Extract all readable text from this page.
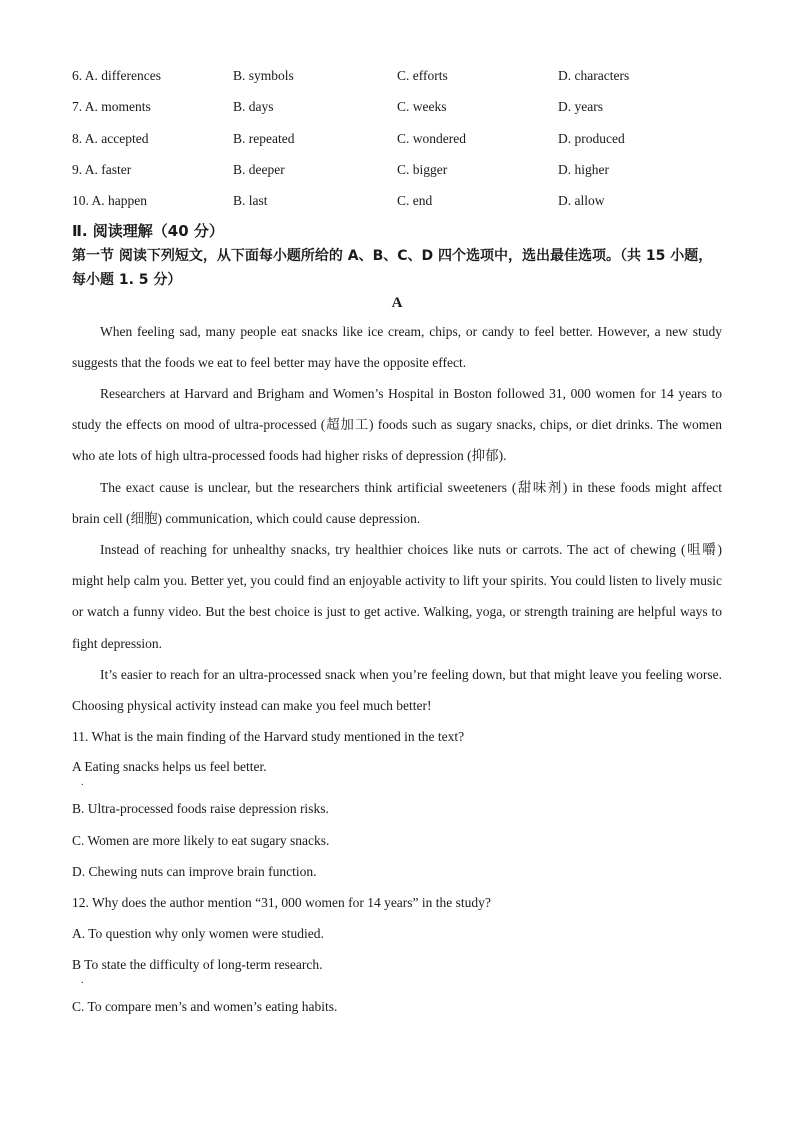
6. A. differences	B. symbols	C. efforts	D. characters
7. A. moments	B. days	C. weeks	D. years
8. A. accepted	B. repeated	C. wondered	D. produced
9. A. faster	B. deeper	C. bigger	D. higher
10. A. happen	B. last	C. end	D. allow
Ⅱ. 阅读理解（40 分）
第一节 阅读下列短文，从下面每小题所给的 A、B、C、D 四个选项中，选出最佳选项。（共 15 小题，每小题 1. 5 分）
A

When feeling sad, many people eat snacks like ice cream, chips, or candy to feel better. However, a new study suggests that the foods we eat to feel better may have the opposite effect.

Researchers at Harvard and Brigham and Women’s Hospital in Boston followed 31, 000 women for 14 years to study the effects on mood of ultra-processed (超加工) foods such as sugary snacks, chips, or diet drinks. The women who ate lots of high ultra-processed foods had higher risks of depression (抑郁).

The exact cause is unclear, but the researchers think artificial sweeteners (甜味剂) in these foods might affect brain cell (细胞) communication, which could cause depression.

Instead of reaching for unhealthy snacks, try healthier choices like nuts or carrots. The act of chewing (咀嚼) might help calm you. Better yet, you could find an enjoyable activity to lift your spirits. You could listen to lively music or watch a funny video. But the best choice is just to get active. Walking, yoga, or strength training are helpful ways to fight depression.

It’s easier to reach for an ultra-processed snack when you’re feeling down, but that might leave you feeling worse. Choosing physical activity instead can make you feel much better!

11. What is the main finding of the Harvard study mentioned in the text?
A Eating snacks helps us feel better.
.
B. Ultra-processed foods raise depression risks.
C. Women are more likely to eat sugary snacks.
D. Chewing nuts can improve brain function.
12. Why does the author mention “31, 000 women for 14 years” in the study?
A. To question why only women were studied.
B To state the difficulty of long-term research.
.
C. To compare men’s and women’s eating habits.
